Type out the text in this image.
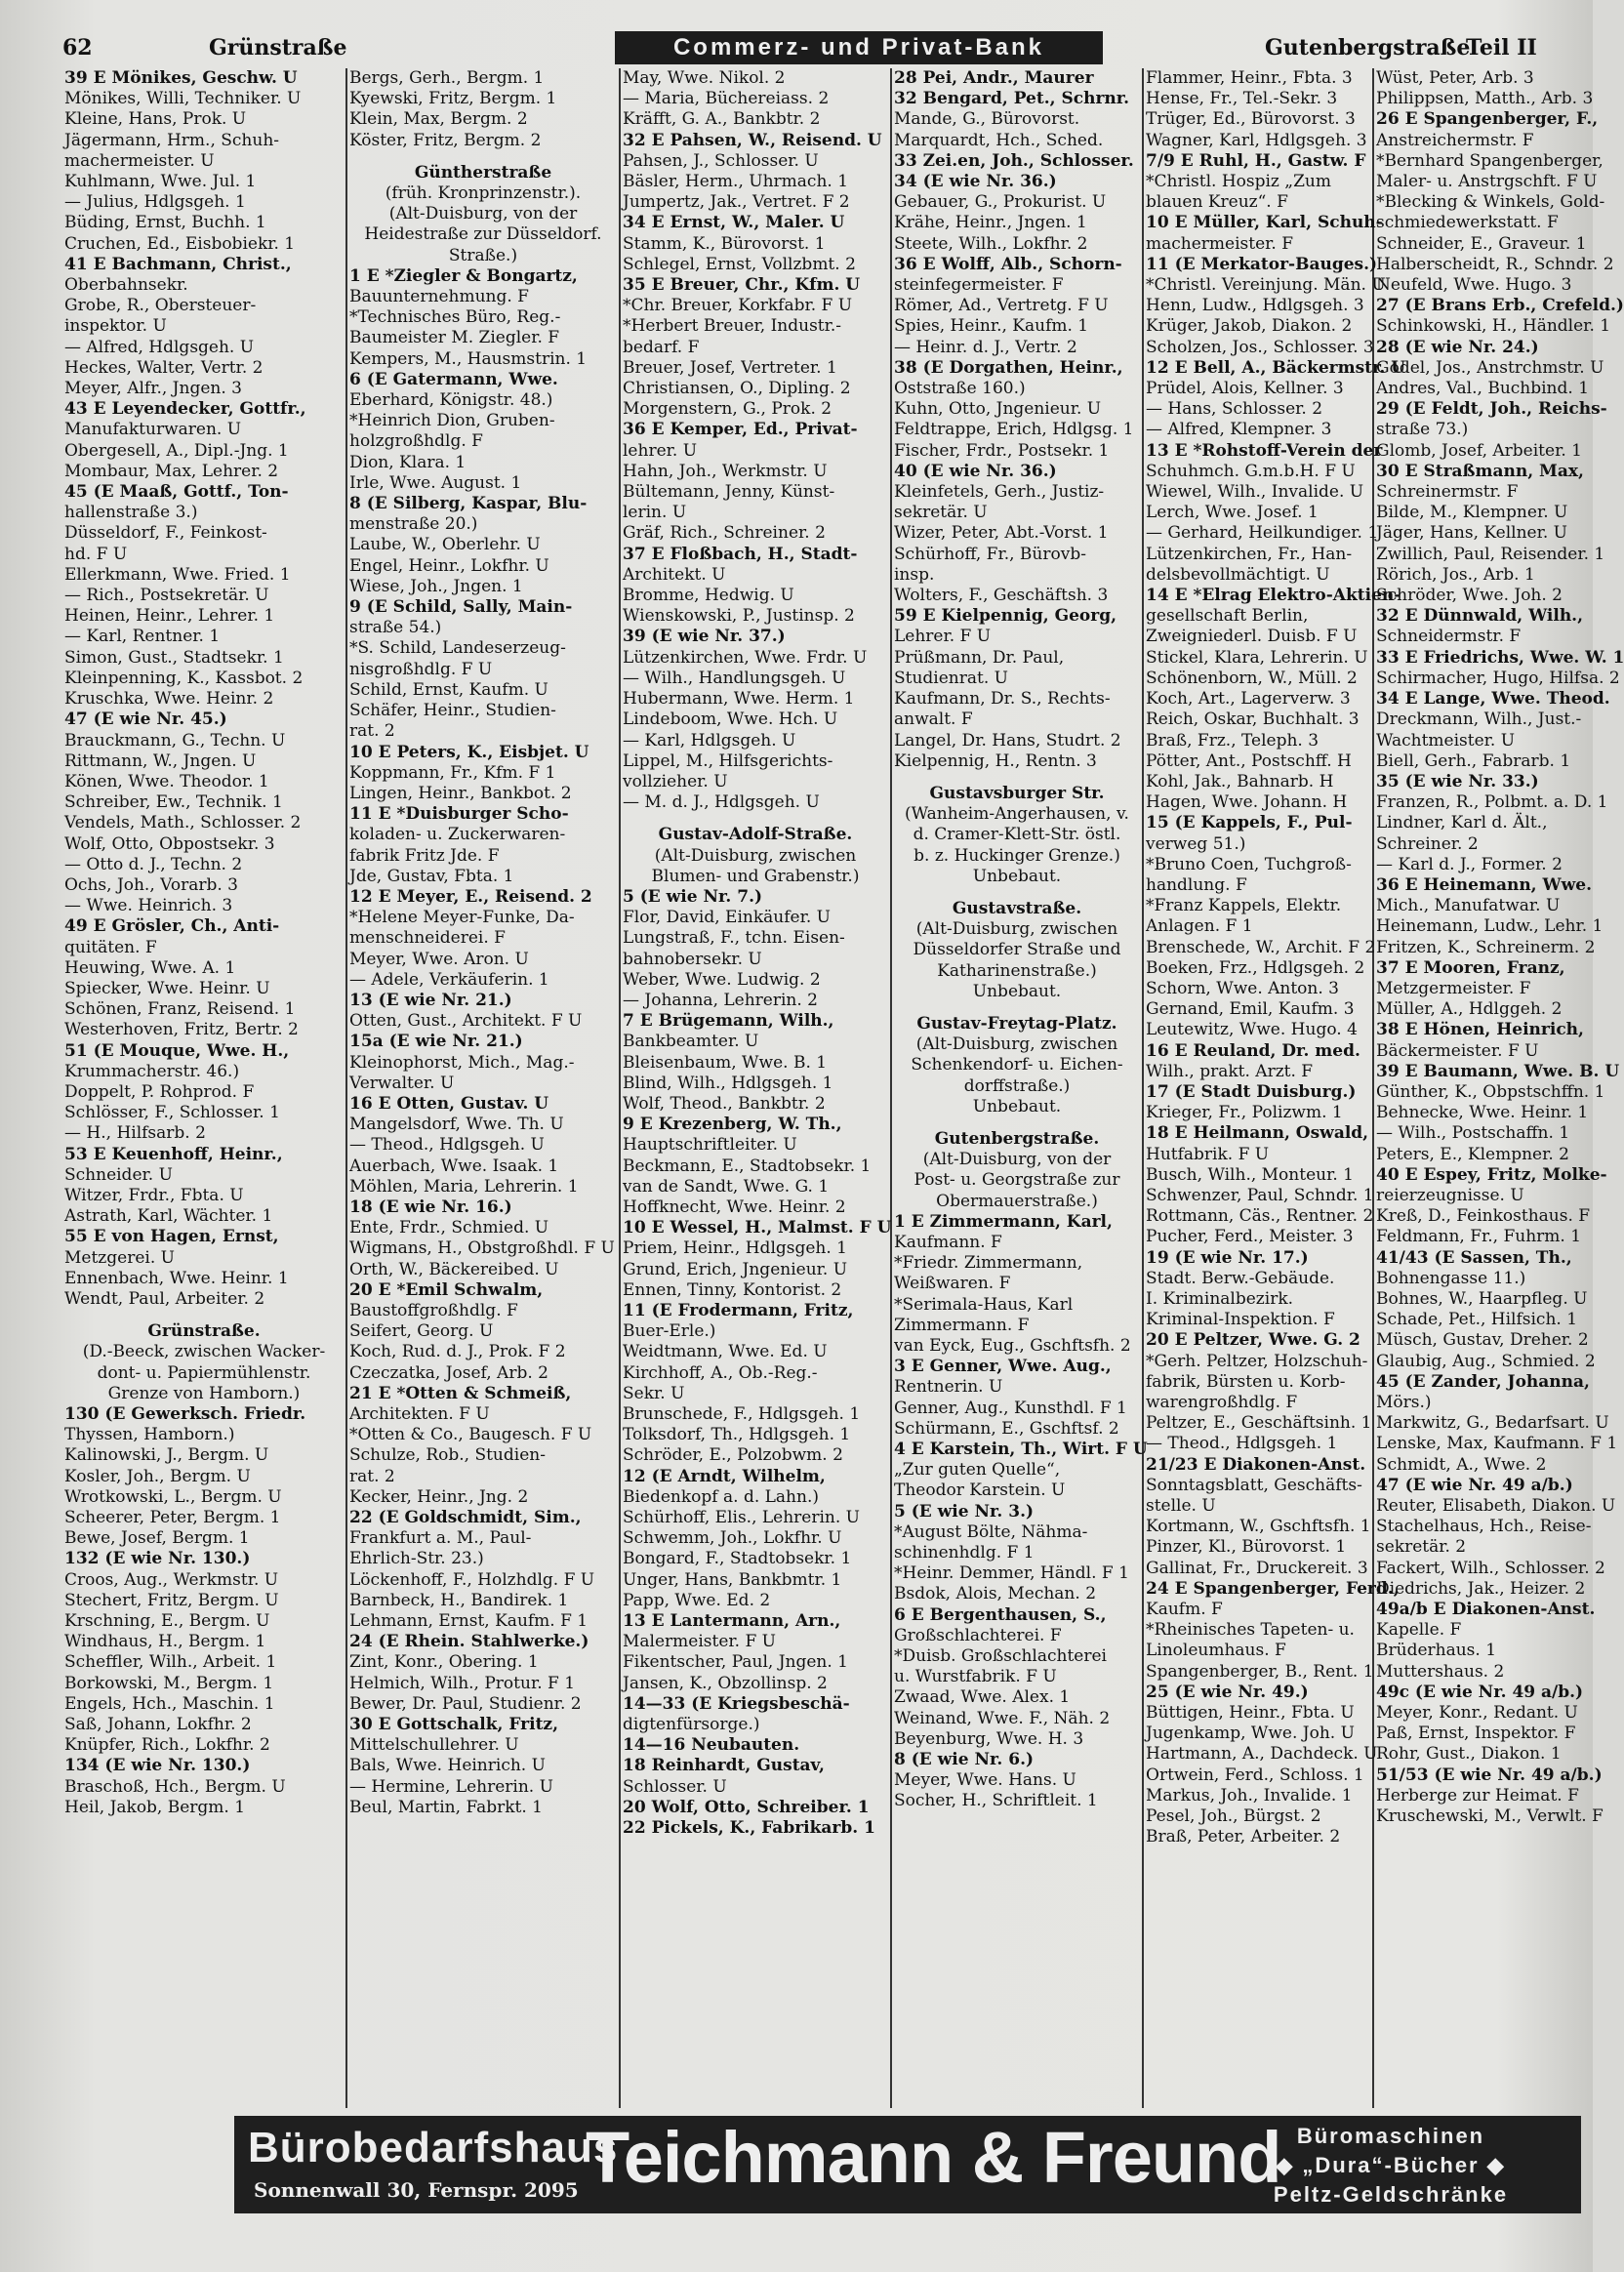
62	Grünstraße	Commerz- und Privat-Bank	Gutenbergstraße
Teil II
39 E Mönikes, Geschw. U
Mönikes, Willi, Techniker. U
Kleine, Hans, Prok. U
Jägermann, Hrm., Schuh-
machermeister. U
Kuhlmann, Wwe. Jul. 1
— Julius, Hdlgsgeh. 1
Büding, Ernst, Buchh. 1
Cruchen, Ed., Eisbobiekr. 1
41 E Bachmann, Christ.,
Oberbahnsekr.
Grobe, R., Obersteuer-
inspektor. U
— Alfred, Hdlgsgeh. U
Heckes, Walter, Vertr. 2
Meyer, Alfr., Jngen. 3
43 E Leyendecker, Gottfr.,
Manufakturwaren. U
Obergesell, A., Dipl.-Jng. 1
Mombaur, Max, Lehrer. 2
45 (E Maaß, Gottf., Ton-
hallenstraße 3.)
Düsseldorf, F., Feinkost-
hd. F U
Ellerkmann, Wwe. Fried. 1
— Rich., Postsekretär. U
Heinen, Heinr., Lehrer. 1
— Karl, Rentner. 1
Simon, Gust., Stadtsekr. 1
Kleinpenning, K., Kassbot. 2
Kruschka, Wwe. Heinr. 2
47 (E wie Nr. 45.)
Brauckmann, G., Techn. U
Rittmann, W., Jngen. U
Könen, Wwe. Theodor. 1
Schreiber, Ew., Technik. 1
Vendels, Math., Schlosser. 2
Wolf, Otto, Obpostsekr. 3
— Otto d. J., Techn. 2
Ochs, Joh., Vorarb. 3
— Wwe. Heinrich. 3
49 E Grösler, Ch., Anti-
quitäten. F
Heuwing, Wwe. A. 1
Spiecker, Wwe. Heinr. U
Schönen, Franz, Reisend. 1
Westerhoven, Fritz, Bertr. 2
51 (E Mouque, Wwe. H.,
Krummacherstr. 46.)
Doppelt, P. Rohprod. F
Schlösser, F., Schlosser. 1
— H., Hilfsarb. 2
53 E Keuenhoff, Heinr.,
Schneider. U
Witzer, Frdr., Fbta. U
Astrath, Karl, Wächter. 1
55 E von Hagen, Ernst,
Metzgerei. U
Ennenbach, Wwe. Heinr. 1
Wendt, Paul, Arbeiter. 2
Grünstraße.
(D.-Beeck, zwischen Wacker-
dont- u. Papiermühlenstr.
Grenze von Hamborn.)
130 (E Gewerksch. Friedr.
Thyssen, Hamborn.)
Kalinowski, J., Bergm. U
Kosler, Joh., Bergm. U
Wrotkowski, L., Bergm. U
Scheerer, Peter, Bergm. 1
Bewe, Josef, Bergm. 1
132 (E wie Nr. 130.)
Croos, Aug., Werkmstr. U
Stechert, Fritz, Bergm. U
Krschning, E., Bergm. U
Windhaus, H., Bergm. 1
Scheffler, Wilh., Arbeit. 1
Borkowski, M., Bergm. 1
Engels, Hch., Maschin. 1
Saß, Johann, Lokfhr. 2
Knüpfer, Rich., Lokfhr. 2
134 (E wie Nr. 130.)
Braschoß, Hch., Bergm. U
Heil, Jakob, Bergm. 1
Bergs, Gerh., Bergm. 1
Kyewski, Fritz, Bergm. 1
Klein, Max, Bergm. 2
Köster, Fritz, Bergm. 2
Güntherstraße
(früh. Kronprinzenstr.).
(Alt-Duisburg, von der
Heidestraße zur Düsseldorf.
Straße.)
1 E *Ziegler & Bongartz,
Bauunternehmung. F
*Technisches Büro, Reg.-
Baumeister M. Ziegler. F
Kempers, M., Hausmstrin. 1
6 (E Gatermann, Wwe.
Eberhard, Königstr. 48.)
*Heinrich Dion, Gruben-
holzgroßhdlg. F
Dion, Klara. 1
Irle, Wwe. August. 1
8 (E Silberg, Kaspar, Blu-
menstraße 20.)
Laube, W., Oberlehr. U
Engel, Heinr., Lokfhr. U
Wiese, Joh., Jngen. 1
9 (E Schild, Sally, Main-
straße 54.)
*S. Schild, Landeserzeug-
nisgroßhdlg. F U
Schild, Ernst, Kaufm. U
Schäfer, Heinr., Studien-
rat. 2
10 E Peters, K., Eisbjet. U
Koppmann, Fr., Kfm. F 1
Lingen, Heinr., Bankbot. 2
11 E *Duisburger Scho-
koladen- u. Zuckerwaren-
fabrik Fritz Jde. F
Jde, Gustav, Fbta. 1
12 E Meyer, E., Reisend. 2
*Helene Meyer-Funke, Da-
menschneiderei. F
Meyer, Wwe. Aron. U
— Adele, Verkäuferin. 1
13 (E wie Nr. 21.)
Otten, Gust., Architekt. F U
15a (E wie Nr. 21.)
Kleinophorst, Mich., Mag.-
Verwalter. U
16 E Otten, Gustav. U
Mangelsdorf, Wwe. Th. U
— Theod., Hdlgsgeh. U
Auerbach, Wwe. Isaak. 1
Möhlen, Maria, Lehrerin. 1
18 (E wie Nr. 16.)
Ente, Frdr., Schmied. U
Wigmans, H., Obstgroßhdl. F U
Orth, W., Bäckereibed. U
20 E *Emil Schwalm,
Baustoffgroßhdlg. F
Seifert, Georg. U
Koch, Rud. d. J., Prok. F 2
Czeczatka, Josef, Arb. 2
21 E *Otten & Schmeiß,
Architekten. F U
*Otten & Co., Baugesch. F U
Schulze, Rob., Studien-
rat. 2
Kecker, Heinr., Jng. 2
22 (E Goldschmidt, Sim.,
Frankfurt a. M., Paul-
Ehrlich-Str. 23.)
Löckenhoff, F., Holzhdlg. F U
Barnbeck, H., Bandirek. 1
Lehmann, Ernst, Kaufm. F 1
24 (E Rhein. Stahlwerke.)
Zint, Konr., Obering. 1
Helmich, Wilh., Protur. F 1
Bewer, Dr. Paul, Studienr. 2
30 E Gottschalk, Fritz,
Mittelschullehrer. U
Bals, Wwe. Heinrich. U
— Hermine, Lehrerin. U
Beul, Martin, Fabrkt. 1
May, Wwe. Nikol. 2
— Maria, Büchereiass. 2
Kräfft, G. A., Bankbtr. 2
32 E Pahsen, W., Reisend. U
Pahsen, J., Schlosser. U
Bäsler, Herm., Uhrmach. 1
Jumpertz, Jak., Vertret. F 2
34 E Ernst, W., Maler. U
Stamm, K., Bürovorst. 1
Schlegel, Ernst, Vollzbmt. 2
35 E Breuer, Chr., Kfm. U
*Chr. Breuer, Korkfabr. F U
*Herbert Breuer, Industr.-
bedarf. F
Breuer, Josef, Vertreter. 1
Christiansen, O., Dipling. 2
Morgenstern, G., Prok. 2
36 E Kemper, Ed., Privat-
lehrer. U
Hahn, Joh., Werkmstr. U
Bültemann, Jenny, Künst-
lerin. U
Gräf, Rich., Schreiner. 2
37 E Floßbach, H., Stadt-
Architekt. U
Bromme, Hedwig. U
Wienskowski, P., Justinsp. 2
39 (E wie Nr. 37.)
Lützenkirchen, Wwe. Frdr. U
— Wilh., Handlungsgeh. U
Hubermann, Wwe. Herm. 1
Lindeboom, Wwe. Hch. U
— Karl, Hdlgsgeh. U
Lippel, M., Hilfsgerichts-
vollzieher. U
— M. d. J., Hdlgsgeh. U
Gustav-Adolf-Straße.
(Alt-Duisburg, zwischen
Blumen- und Grabenstr.)
5 (E wie Nr. 7.)
Flor, David, Einkäufer. U
Lungstraß, F., tchn. Eisen-
bahnobersekr. U
Weber, Wwe. Ludwig. 2
— Johanna, Lehrerin. 2
7 E Brügemann, Wilh.,
Bankbeamter. U
Bleisenbaum, Wwe. B. 1
Blind, Wilh., Hdlgsgeh. 1
Wolf, Theod., Bankbtr. 2
9 E Krezenberg, W. Th.,
Hauptschriftleiter. U
Beckmann, E., Stadtobsekr. 1
van de Sandt, Wwe. G. 1
Hoffknecht, Wwe. Heinr. 2
10 E Wessel, H., Malmst. F U
Priem, Heinr., Hdlgsgeh. 1
Grund, Erich, Jngenieur. U
Ennen, Tinny, Kontorist. 2
11 (E Frodermann, Fritz,
Buer-Erle.)
Weidtmann, Wwe. Ed. U
Kirchhoff, A., Ob.-Reg.-
Sekr. U
Brunschede, F., Hdlgsgeh. 1
Tolksdorf, Th., Hdlgsgeh. 1
Schröder, E., Polzobwm. 2
12 (E Arndt, Wilhelm,
Biedenkopf a. d. Lahn.)
Schürhoff, Elis., Lehrerin. U
Schwemm, Joh., Lokfhr. U
Bongard, F., Stadtobsekr. 1
Unger, Hans, Bankbmtr. 1
Papp, Wwe. Ed. 2
13 E Lantermann, Arn.,
Malermeister. F U
Fikentscher, Paul, Jngen. 1
Jansen, K., Obzollinsp. 2
14—33 (E Kriegsbeschä-
digtenfürsorge.)
14—16 Neubauten.
18 Reinhardt, Gustav,
Schlosser. U
20 Wolf, Otto, Schreiber. 1
22 Pickels, K., Fabrikarb. 1
28 Pei, Andr., Maurer
32 Bengard, Pet., Schrnr.
Mande, G., Bürovorst.
Marquardt, Hch., Sched.
33 Zei.en, Joh., Schlosser.
34 (E wie Nr. 36.)
Gebauer, G., Prokurist. U
Krähe, Heinr., Jngen. 1
Steete, Wilh., Lokfhr. 2
36 E Wolff, Alb., Schorn-
steinfegermeister. F
Römer, Ad., Vertretg. F U
Spies, Heinr., Kaufm. 1
— Heinr. d. J., Vertr. 2
38 (E Dorgathen, Heinr.,
Oststraße 160.)
Kuhn, Otto, Jngenieur. U
Feldtrappe, Erich, Hdlgsg. 1
Fischer, Frdr., Postsekr. 1
40 (E wie Nr. 36.)
Kleinfetels, Gerh., Justiz-
sekretär. U
Wizer, Peter, Abt.-Vorst. 1
Schürhoff, Fr., Bürovb-
insp.
Wolters, F., Geschäftsh. 3
59 E Kielpennig, Georg,
Lehrer. F U
Prüßmann, Dr. Paul,
Studienrat. U
Kaufmann, Dr. S., Rechts-
anwalt. F
Langel, Dr. Hans, Studrt. 2
Kielpennig, H., Rentn. 3
Gustavsburger Str.
(Wanheim-Angerhausen, v.
d. Cramer-Klett-Str. östl.
b. z. Huckinger Grenze.)
Unbebaut.
Gustavstraße.
(Alt-Duisburg, zwischen
Düsseldorfer Straße und
Katharinenstraße.)
Unbebaut.
Gustav-Freytag-Platz.
(Alt-Duisburg, zwischen
Schenkendorf- u. Eichen-
dorffstraße.)
Unbebaut.
Gutenbergstraße.
(Alt-Duisburg, von der
Post- u. Georgstraße zur
Obermauerstraße.)
1 E Zimmermann, Karl,
Kaufmann. F
*Friedr. Zimmermann,
Weißwaren. F
*Serimala-Haus, Karl
Zimmermann. F
van Eyck, Eug., Gschftsfh. 2
3 E Genner, Wwe. Aug.,
Rentnerin. U
Genner, Aug., Kunsthdl. F 1
Schürmann, E., Gschftsf. 2
4 E Karstein, Th., Wirt. F U
„Zur guten Quelle“,
Theodor Karstein. U
5 (E wie Nr. 3.)
*August Bölte, Nähma-
schinenhdlg. F 1
*Heinr. Demmer, Händl. F 1
Bsdok, Alois, Mechan. 2
6 E Bergenthausen, S.,
Großschlachterei. F
*Duisb. Großschlachterei
u. Wurstfabrik. F U
Zwaad, Wwe. Alex. 1
Weinand, Wwe. F., Näh. 2
Beyenburg, Wwe. H. 3
8 (E wie Nr. 6.)
Meyer, Wwe. Hans. U
Socher, H., Schriftleit. 1
Flammer, Heinr., Fbta. 3
Hense, Fr., Tel.-Sekr. 3
Trüger, Ed., Bürovorst. 3
Wagner, Karl, Hdlgsgeh. 3
7/9 E Ruhl, H., Gastw. F
*Christl. Hospiz „Zum
blauen Kreuz“. F
10 E Müller, Karl, Schuh-
machermeister. F
11 (E Merkator-Bauges.)
*Christl. Vereinjung. Män. U
Henn, Ludw., Hdlgsgeh. 3
Krüger, Jakob, Diakon. 2
Scholzen, Jos., Schlosser. 3
12 E Bell, A., Bäckermstr. U
Prüdel, Alois, Kellner. 3
— Hans, Schlosser. 2
— Alfred, Klempner. 3
13 E *Rohstoff-Verein der
Schuhmch. G.m.b.H. F U
Wiewel, Wilh., Invalide. U
Lerch, Wwe. Josef. 1
— Gerhard, Heilkundiger. 1
Lützenkirchen, Fr., Han-
delsbevollmächtigt. U
14 E *Elrag Elektro-Aktien-
gesellschaft Berlin,
Zweigniederl. Duisb. F U
Stickel, Klara, Lehrerin. U
Schönenborn, W., Müll. 2
Koch, Art., Lagerverw. 3
Reich, Oskar, Buchhalt. 3
Braß, Frz., Teleph. 3
Pötter, Ant., Postschff. H
Kohl, Jak., Bahnarb. H
Hagen, Wwe. Johann. H
15 (E Kappels, F., Pul-
verweg 51.)
*Bruno Coen, Tuchgroß-
handlung. F
*Franz Kappels, Elektr.
Anlagen. F 1
Brenschede, W., Archit. F 2
Boeken, Frz., Hdlgsgeh. 2
Schorn, Wwe. Anton. 3
Gernand, Emil, Kaufm. 3
Leutewitz, Wwe. Hugo. 4
16 E Reuland, Dr. med.
Wilh., prakt. Arzt. F
17 (E Stadt Duisburg.)
Krieger, Fr., Polizwm. 1
18 E Heilmann, Oswald,
Hutfabrik. F U
Busch, Wilh., Monteur. 1
Schwenzer, Paul, Schndr. 1
Rottmann, Cäs., Rentner. 2
Pucher, Ferd., Meister. 3
19 (E wie Nr. 17.)
Stadt. Berw.-Gebäude.
I. Kriminalbezirk.
Kriminal-Inspektion. F
20 E Peltzer, Wwe. G. 2
*Gerh. Peltzer, Holzschuh-
fabrik, Bürsten u. Korb-
warengroßhdlg. F
Peltzer, E., Geschäftsinh. 1
— Theod., Hdlgsgeh. 1
21/23 E Diakonen-Anst.
Sonntagsblatt, Geschäfts-
stelle. U
Kortmann, W., Gschftsfh. 1
Pinzer, Kl., Bürovorst. 1
Gallinat, Fr., Druckereit. 3
24 E Spangenberger, Ferd.,
Kaufm. F
*Rheinisches Tapeten- u.
Linoleumhaus. F
Spangenberger, B., Rent. 1
25 (E wie Nr. 49.)
Büttigen, Heinr., Fbta. U
Jugenkamp, Wwe. Joh. U
Hartmann, A., Dachdeck. U
Ortwein, Ferd., Schloss. 1
Markus, Joh., Invalide. 1
Pesel, Joh., Bürgst. 2
Braß, Peter, Arbeiter. 2
Wüst, Peter, Arb. 3
Philippsen, Matth., Arb. 3
26 E Spangenberger, F.,
Anstreichermstr. F
*Bernhard Spangenberger,
Maler- u. Anstrgschft. F U
*Blecking & Winkels, Gold-
schmiedewerkstatt. F
Schneider, E., Graveur. 1
Halberscheidt, R., Schndr. 2
Neufeld, Wwe. Hugo. 3
27 (E Brans Erb., Crefeld.)
Schinkowski, H., Händler. 1
28 (E wie Nr. 24.)
Godel, Jos., Anstrchmstr. U
Andres, Val., Buchbind. 1
29 (E Feldt, Joh., Reichs-
straße 73.)
Glomb, Josef, Arbeiter. 1
30 E Straßmann, Max,
Schreinermstr. F
Bilde, M., Klempner. U
Jäger, Hans, Kellner. U
Zwillich, Paul, Reisender. 1
Rörich, Jos., Arb. 1
Schröder, Wwe. Joh. 2
32 E Dünnwald, Wilh.,
Schneidermstr. F
33 E Friedrichs, Wwe. W. 1
Schirmacher, Hugo, Hilfsa. 2
34 E Lange, Wwe. Theod.
Dreckmann, Wilh., Just.-
Wachtmeister. U
Biell, Gerh., Fabrarb. 1
35 (E wie Nr. 33.)
Franzen, R., Polbmt. a. D. 1
Lindner, Karl d. Ält.,
Schreiner. 2
— Karl d. J., Former. 2
36 E Heinemann, Wwe.
Mich., Manufatwar. U
Heinemann, Ludw., Lehr. 1
Fritzen, K., Schreinerm. 2
37 E Mooren, Franz,
Metzgermeister. F
Müller, A., Hdlggeh. 2
38 E Hönen, Heinrich,
Bäckermeister. F U
39 E Baumann, Wwe. B. U
Günther, K., Obpstschffn. 1
Behnecke, Wwe. Heinr. 1
— Wilh., Postschaffn. 1
Peters, E., Klempner. 2
40 E Espey, Fritz, Molke-
reierzeugnisse. U
Kreß, D., Feinkosthaus. F
Feldmann, Fr., Fuhrm. 1
41/43 (E Sassen, Th.,
Bohnengasse 11.)
Bohnes, W., Haarpfleg. U
Schade, Pet., Hilfsich. 1
Müsch, Gustav, Dreher. 2
Glaubig, Aug., Schmied. 2
45 (E Zander, Johanna,
Mörs.)
Markwitz, G., Bedarfsart. U
Lenske, Max, Kaufmann. F 1
Schmidt, A., Wwe. 2
47 (E wie Nr. 49 a/b.)
Reuter, Elisabeth, Diakon. U
Stachelhaus, Hch., Reise-
sekretär. 2
Fackert, Wilh., Schlosser. 2
Diedrichs, Jak., Heizer. 2
49a/b E Diakonen-Anst.
Kapelle. F
Brüderhaus. 1
Muttershaus. 2
49c (E wie Nr. 49 a/b.)
Meyer, Konr., Redant. U
Paß, Ernst, Inspektor. F
Rohr, Gust., Diakon. 1
51/53 (E wie Nr. 49 a/b.)
Herberge zur Heimat. F
Kruschewski, M., Verwlt. F
Bürobedarfshaus
Sonnenwall 30, Fernspr. 2095 Teichmann & Freund Büromaschinen
◆ „Dura“-Bücher ◆
Peltz-Geldschränke
